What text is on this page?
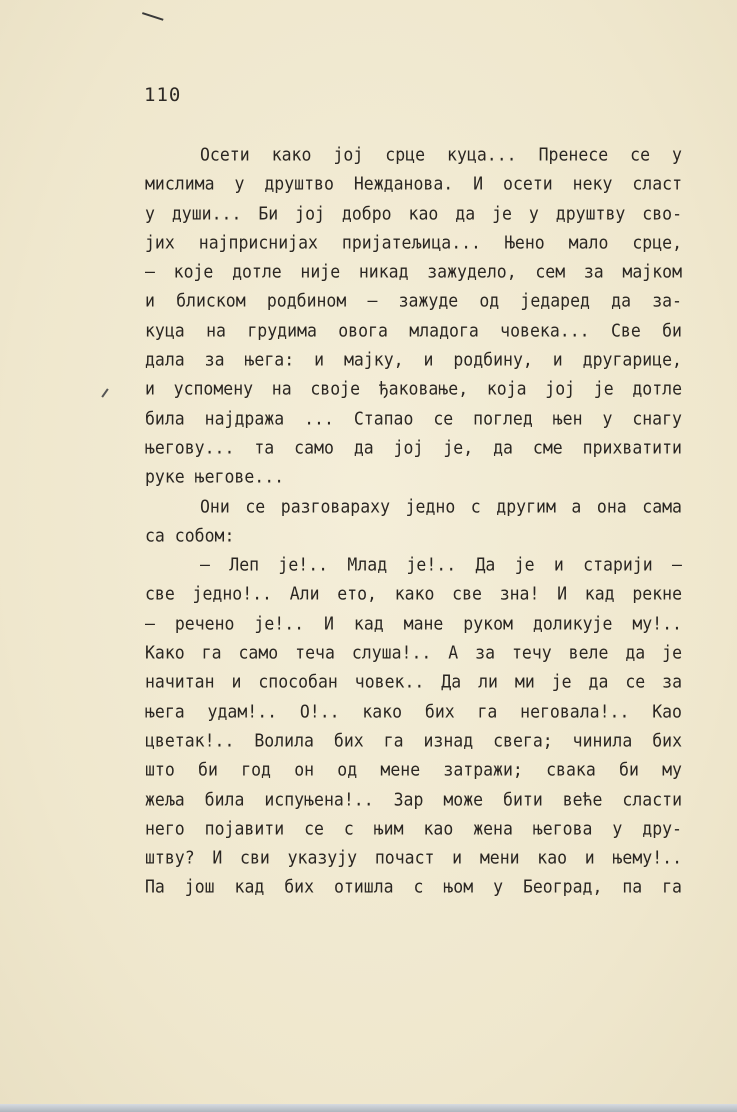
110
Осети како јој срце куца... Пренесе се у
мислима у друштво Нежданова. И осети неку сласт
у души... Би јој добро као да је у друштву сво-
јих најприснијах пријатељица... Њено мало срце,
— које дотле није никад зажудело, сем за мајком
и блиском родбином — зажуде од једаред да за-
куца на грудима овога младога човека... Све би
дала за њега: и мајку, и родбину, и другарице,
и успомену на своје ђаковање, која јој је дотле
била најдража ... Стапао се поглед њен у снагу
његову... та само да јој је, да сме прихватити
руке његове...
Они се разговараху једно с другим а она сама
са собом:
— Леп је!.. Млад је!.. Да је и старији —
све једно!.. Али ето, како све зна! И кад рекне
— речено је!.. И кад мане руком доликује му!..
Како га само теча слуша!.. А за течу веле да је
начитан и способан човек.. Да ли ми је да се за
њега удам!.. О!.. како бих га неговала!.. Као
цветак!.. Волила бих га изнад свега; чинила бих
што би год он од мене затражи; свака би му
жеља била испуњена!.. Зар може бити веће сласти
него појавити се с њим као жена његова у дру-
штву? И сви указују почаст и мени као и њему!..
Па још кад бих отишла с њом у Београд, па га
